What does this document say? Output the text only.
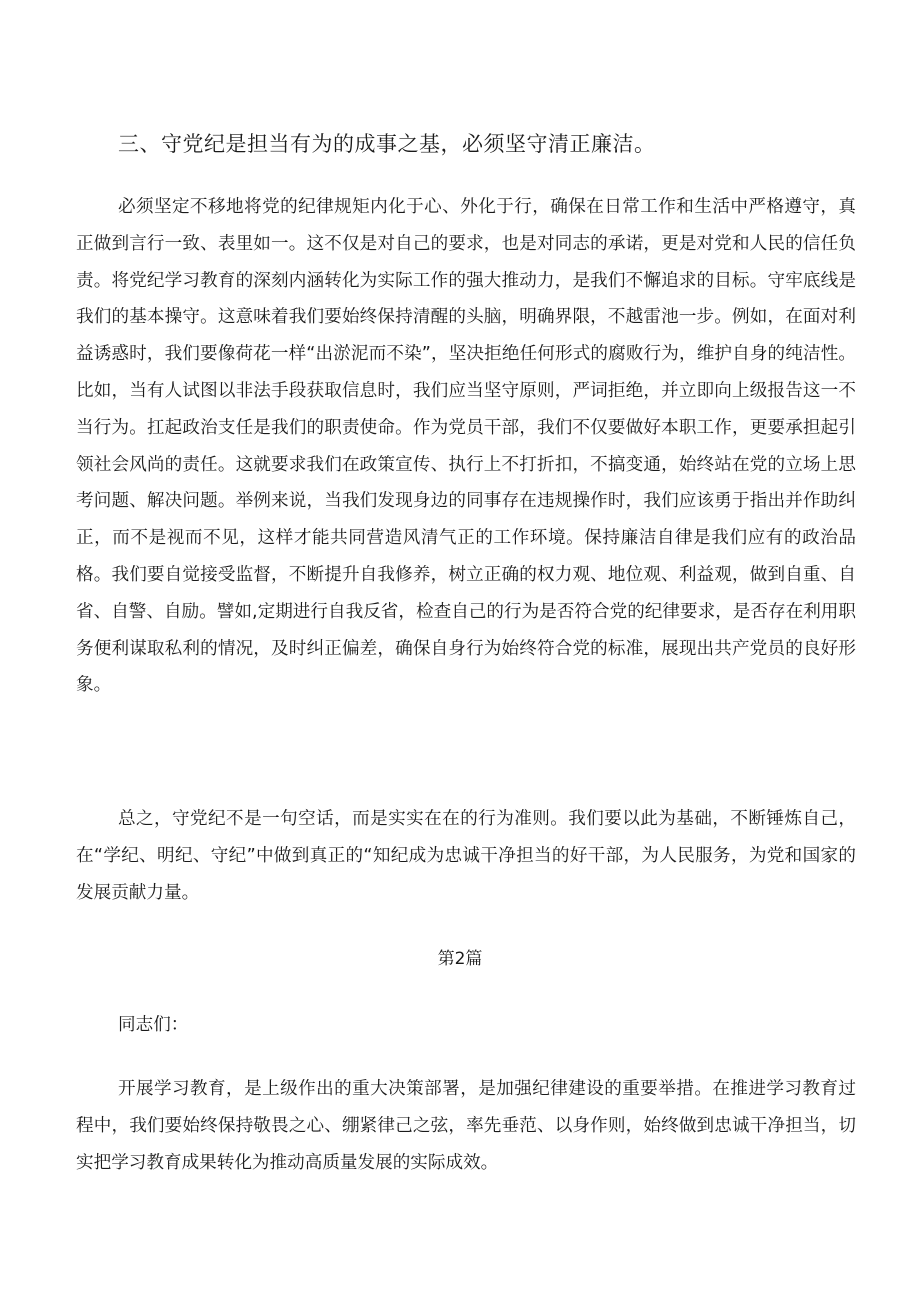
三、守党纪是担当有为的成事之基，必须坚守清正廉洁。

必须坚定不移地将党的纪律规矩内化于心、外化于行，确保在日常工作和生活中严格遵守，真正做到言行一致、表里如一。这不仅是对自己的要求，也是对同志的承诺，更是对党和人民的信任负责。将党纪学习教育的深刻内涵转化为实际工作的强大推动力，是我们不懈追求的目标。守牢底线是我们的基本操守。这意味着我们要始终保持清醒的头脑，明确界限，不越雷池一步。例如，在面对利益诱惑时，我们要像荷花一样“出淤泥而不染”，坚决拒绝任何形式的腐败行为，维护自身的纯洁性。比如，当有人试图以非法手段获取信息时，我们应当坚守原则，严词拒绝，并立即向上级报告这一不当行为。扛起政治支任是我们的职责使命。作为党员干部，我们不仅要做好本职工作，更要承担起引领社会风尚的责任。这就要求我们在政策宣传、执行上不打折扣，不搞变通，始终站在党的立场上思考问题、解决问题。举例来说，当我们发现身边的同事存在违规操作时，我们应该勇于指出并作助纠正，而不是视而不见，这样才能共同营造风清气正的工作环境。保持廉洁自律是我们应有的政治品格。我们要自觉接受监督，不断提升自我修养，树立正确的权力观、地位观、利益观，做到自重、自省、自警、自励。譬如,定期进行自我反省，检查自己的行为是否符合党的纪律要求，是否存在利用职务便利谋取私利的情况，及时纠正偏差，确保自身行为始终符合党的标准，展现出共产党员的良好形象。

总之，守党纪不是一句空话，而是实实在在的行为准则。我们要以此为基础，不断锤炼自己，在“学纪、明纪、守纪”中做到真正的“知纪成为忠诚干净担当的好干部，为人民服务，为党和国家的发展贡献力量。

第2篇
同志们：

开展学习教育，是上级作出的重大决策部署，是加强纪律建设的重要举措。在推进学习教育过程中，我们要始终保持敬畏之心、绷紧律己之弦，率先垂范、以身作则，始终做到忠诚干净担当，切实把学习教育成果转化为推动高质量发展的实际成效。
